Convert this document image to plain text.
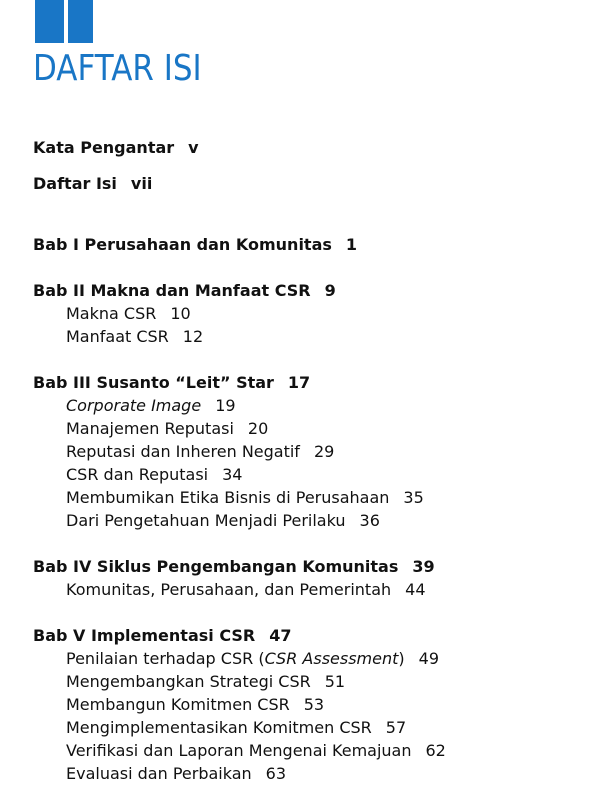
DAFTAR ISI
Kata Pengantar v
Daftar Isi vii
Bab I Perusahaan dan Komunitas 1
Bab II Makna dan Manfaat CSR 9
Makna CSR 10
Manfaat CSR 12
Bab III Susanto “Leit” Star 17
Corporate Image 19
Manajemen Reputasi 20
Reputasi dan Inheren Negatif 29
CSR dan Reputasi 34
Membumikan Etika Bisnis di Perusahaan 35
Dari Pengetahuan Menjadi Perilaku 36
Bab IV Siklus Pengembangan Komunitas 39
Komunitas, Perusahaan, dan Pemerintah 44
Bab V Implementasi CSR 47
Penilaian terhadap CSR (CSR Assessment) 49
Mengembangkan Strategi CSR 51
Membangun Komitmen CSR 53
Mengimplementasikan Komitmen CSR 57
Verifikasi dan Laporan Mengenai Kemajuan 62
Evaluasi dan Perbaikan 63
